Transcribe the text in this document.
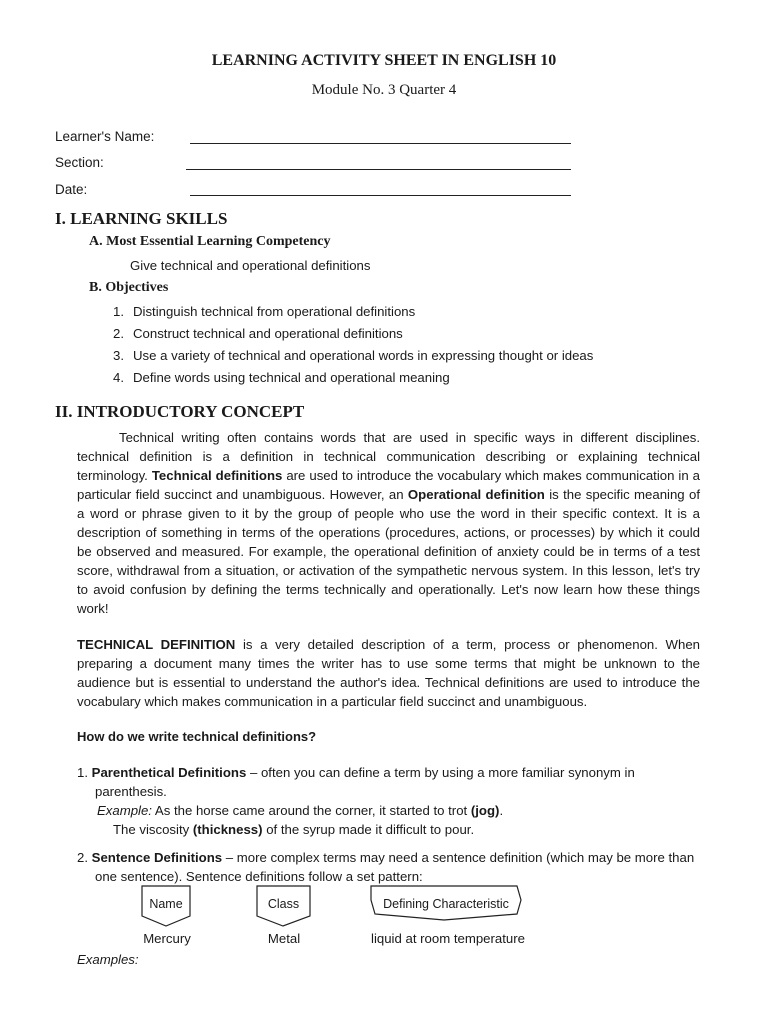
LEARNING ACTIVITY SHEET IN ENGLISH 10
Module No. 3 Quarter 4
Learner's Name:
Section:
Date:
I. LEARNING SKILLS
A. Most Essential Learning Competency
Give technical and operational definitions
B. Objectives
1. Distinguish technical from operational definitions
2. Construct technical and operational definitions
3. Use a variety of technical and operational words in expressing thought or ideas
4. Define words using technical and operational meaning
II. INTRODUCTORY CONCEPT

Technical writing often contains words that are used in specific ways in different disciplines. technical definition is a definition in technical communication describing or explaining technical terminology. Technical definitions are used to introduce the vocabulary which makes communication in a particular field succinct and unambiguous. However, an Operational definition is the specific meaning of a word or phrase given to it by the group of people who use the word in their specific context. It is a description of something in terms of the operations (procedures, actions, or processes) by which it could be observed and measured. For example, the operational definition of anxiety could be in terms of a test score, withdrawal from a situation, or activation of the sympathetic nervous system. In this lesson, let's try to avoid confusion by defining the terms technically and operationally. Let's now learn how these things work!

TECHNICAL DEFINITION is a very detailed description of a term, process or phenomenon. When preparing a document many times the writer has to use some terms that might be unknown to the audience but is essential to understand the author's idea. Technical definitions are used to introduce the vocabulary which makes communication in a particular field succinct and unambiguous.

How do we write technical definitions?
1. Parenthetical Definitions – often you can define a term by using a more familiar synonym in parenthesis.
Example: As the horse came around the corner, it started to trot (jog).
The viscosity (thickness) of the syrup made it difficult to pour.
2. Sentence Definitions – more complex terms may need a sentence definition (which may be more than one sentence). Sentence definitions follow a set pattern:
Name	Class	Defining Characteristic
Mercury	Metal	liquid at room temperature
Examples:
